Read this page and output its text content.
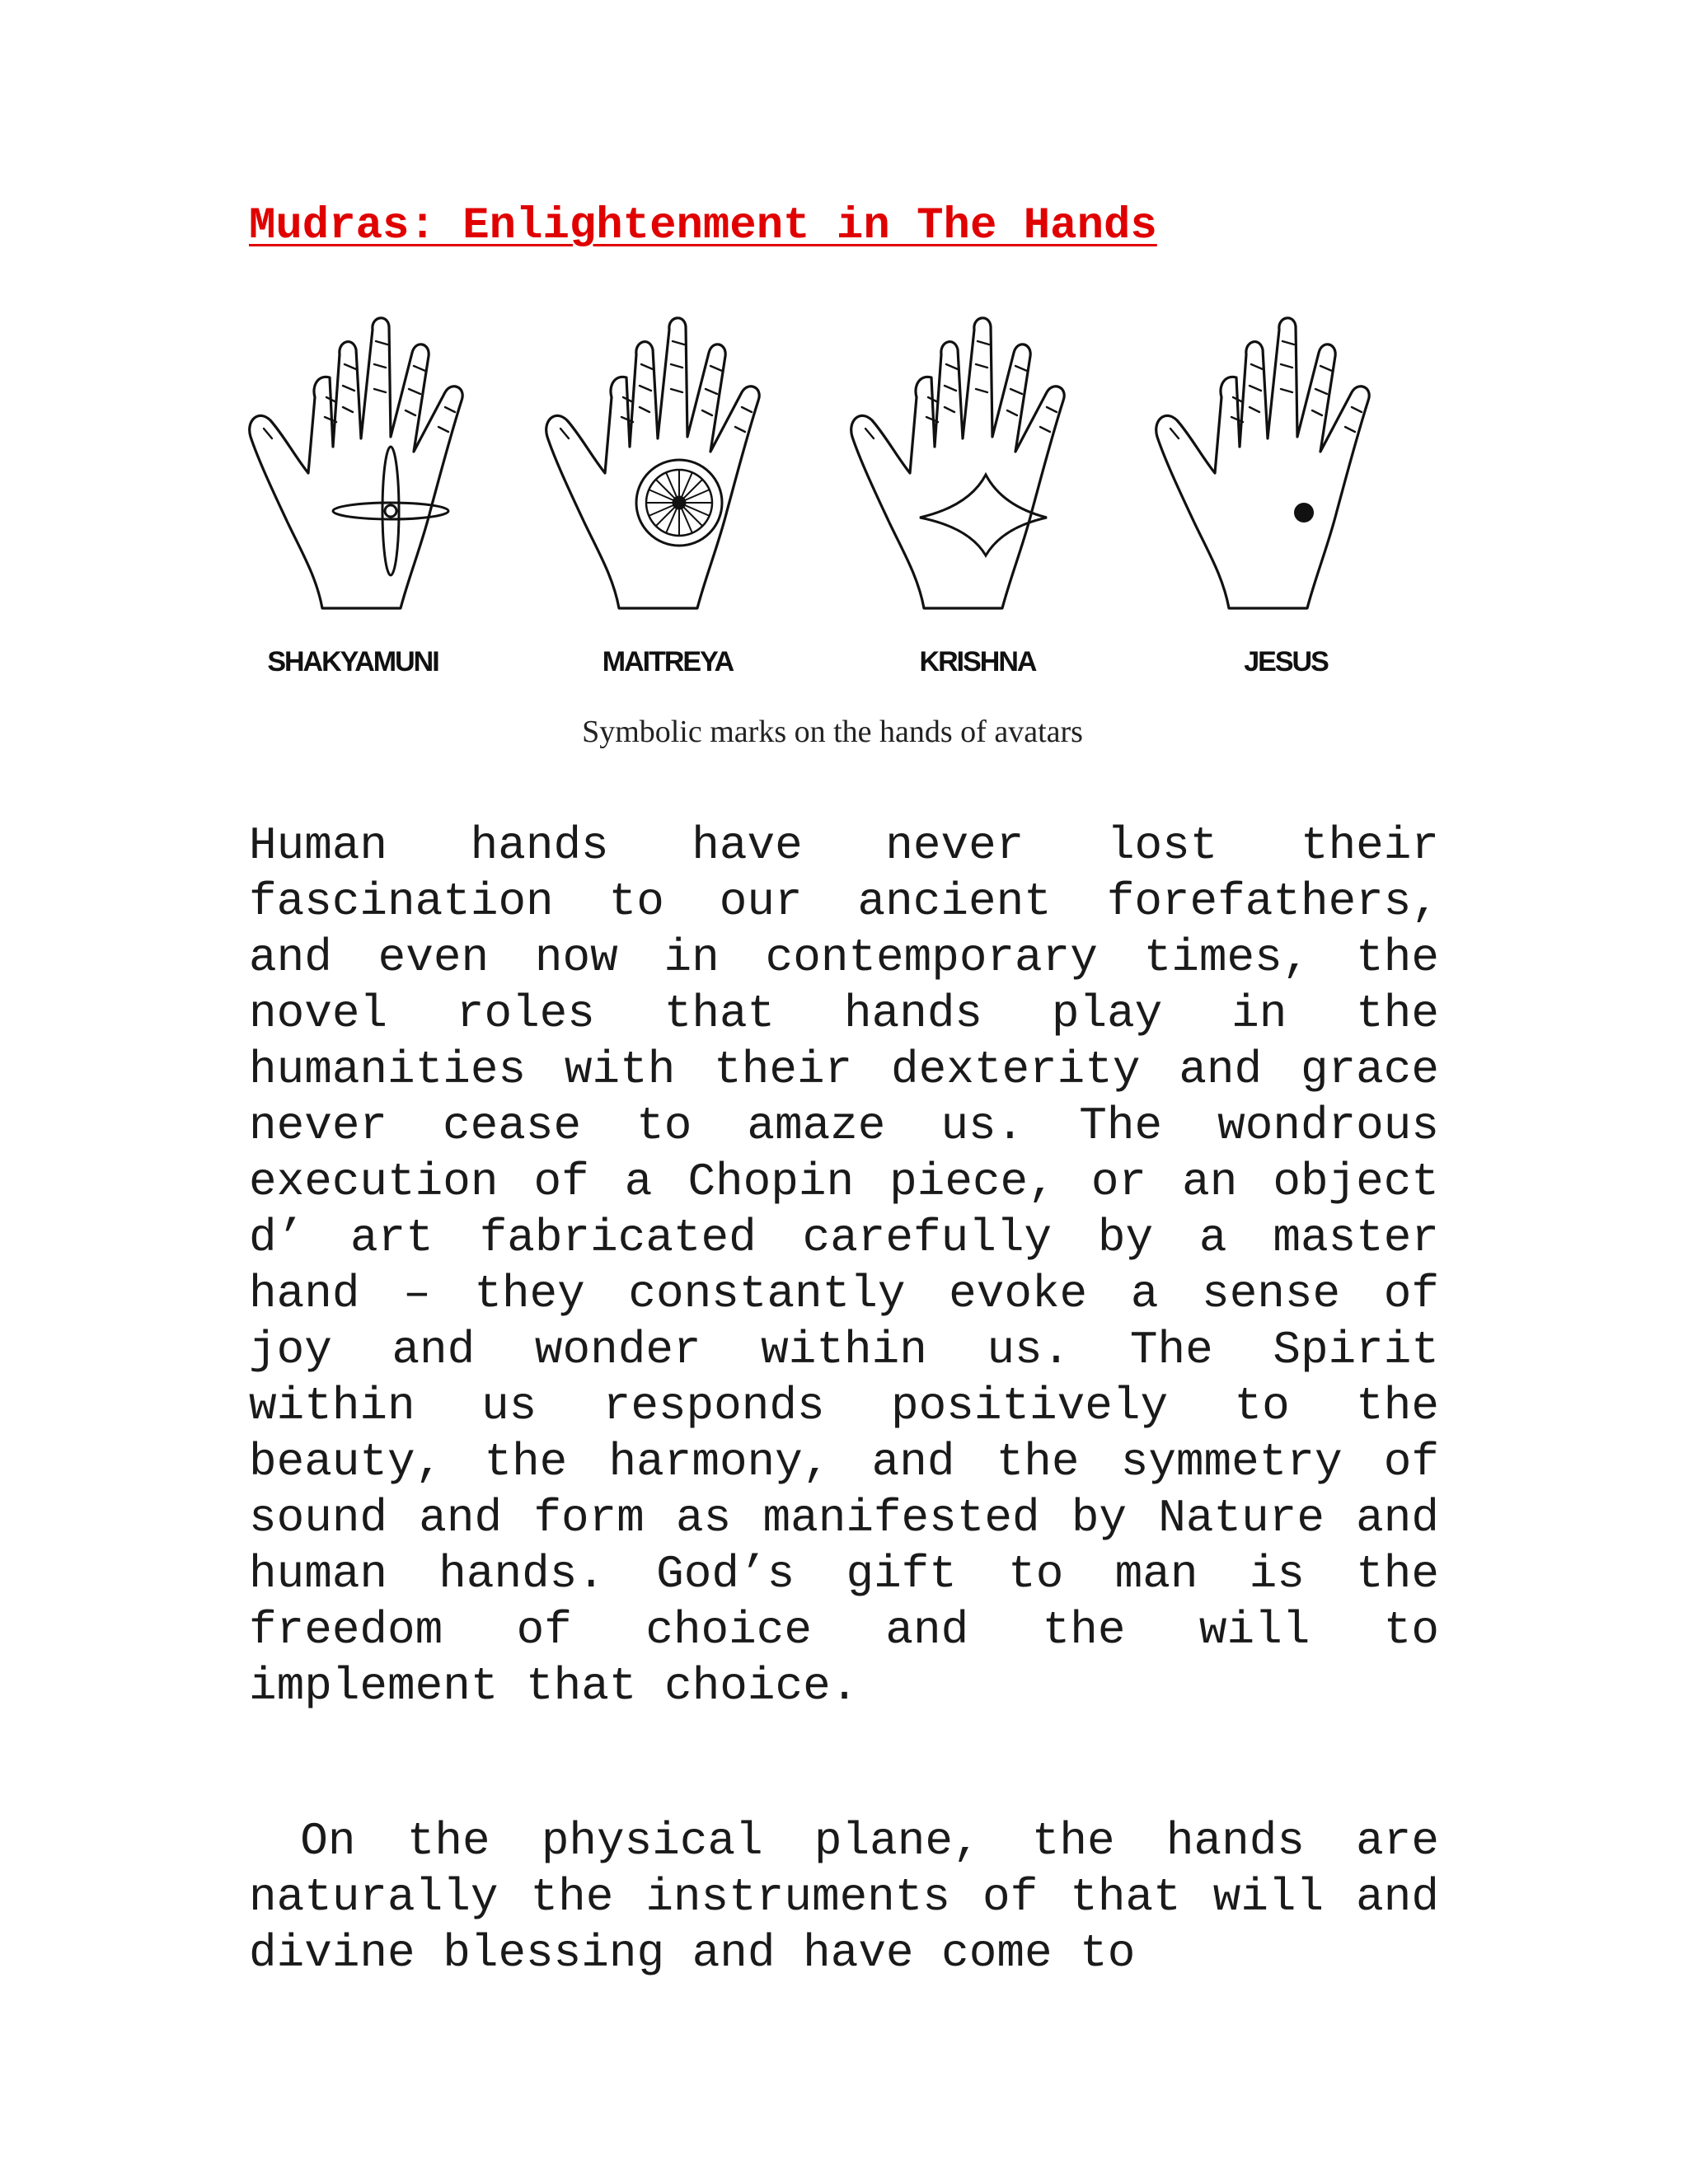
Mudras: Enlightenment in The Hands
SHAKYAMUNI	MAITREYA	KRISHNA	JESUS
Symbolic marks on the hands of avatars

Human hands have never lost their fascination to our ancient forefathers, and even now in contemporary times, the novel roles that hands play in the humanities with their dexterity and grace never cease to amaze us. The wondrous execution of a Chopin piece, or an object d’ art fabricated carefully by a master hand – they constantly evoke a sense of joy and wonder within us. The Spirit within us responds positively to the beauty, the harmony, and the symmetry of sound and form as manifested by Nature and human hands. God’s gift to man is the freedom of choice and the will to implement that choice.

On the physical plane, the hands are naturally the instruments of that will and divine blessing and have come to
